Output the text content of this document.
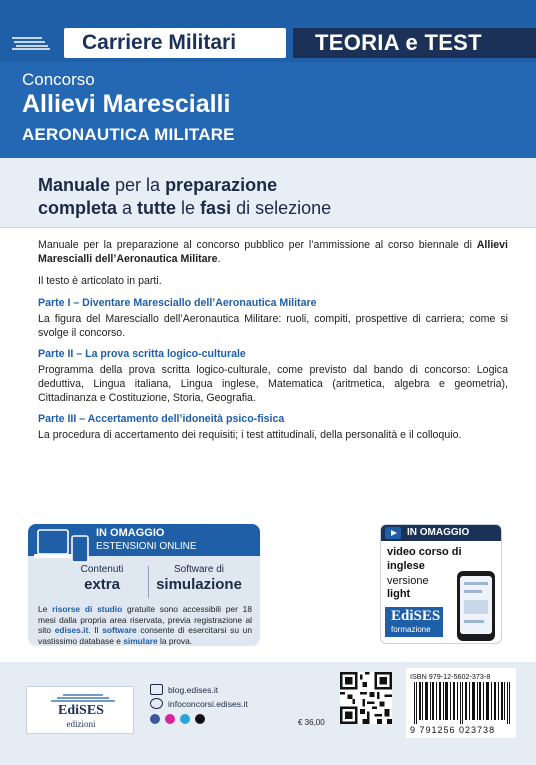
Carriere Militari	TEORIA e TEST
Concorso
Allievi Marescialli
AERONAUTICA MILITARE
Manuale per la preparazione
completa a tutte le fasi di selezione

Manuale per la preparazione al concorso pubblico per l’ammissione al corso biennale di Allievi Marescialli dell’Aeronautica Militare.

Il testo è articolato in parti.

Parte I – Diventare Maresciallo dell’Aeronautica Militare

La figura del Maresciallo dell’Aeronautica Militare: ruoli, compiti, prospettive di carriera; come si svolge il concorso.

Parte II – La prova scritta logico-culturale

Programma della prova scritta logico-culturale, come previsto dal bando di concorso: Logica deduttiva, Lingua italiana, Lingua inglese, Matematica (aritmetica, algebra e geometria), Cittadinanza e Costituzione, Storia, Geografia.

Parte III – Accertamento dell’idoneità psico-fisica

La procedura di accertamento dei requisiti; i test attitudinali, della personalità e il colloquio.

IN OMAGGIO
ESTENSIONI ONLINE
Contenuti
extra
Software di
simulazione
Le risorse di studio gratuite sono accessibili per 18 mesi dalla propria area riservata, previa registrazione al sito edises.it. Il software consente di esercitarsi su un vastissimo database e simulare la prova.
IN OMAGGIO
video corso di inglese
versione
light
EdiSES
formazione
EdiSES
edizioni
blog.edises.it
infoconcorsi.edises.it
€ 36,00
ISBN 979-12-5602-373-8
9 791256 023738
